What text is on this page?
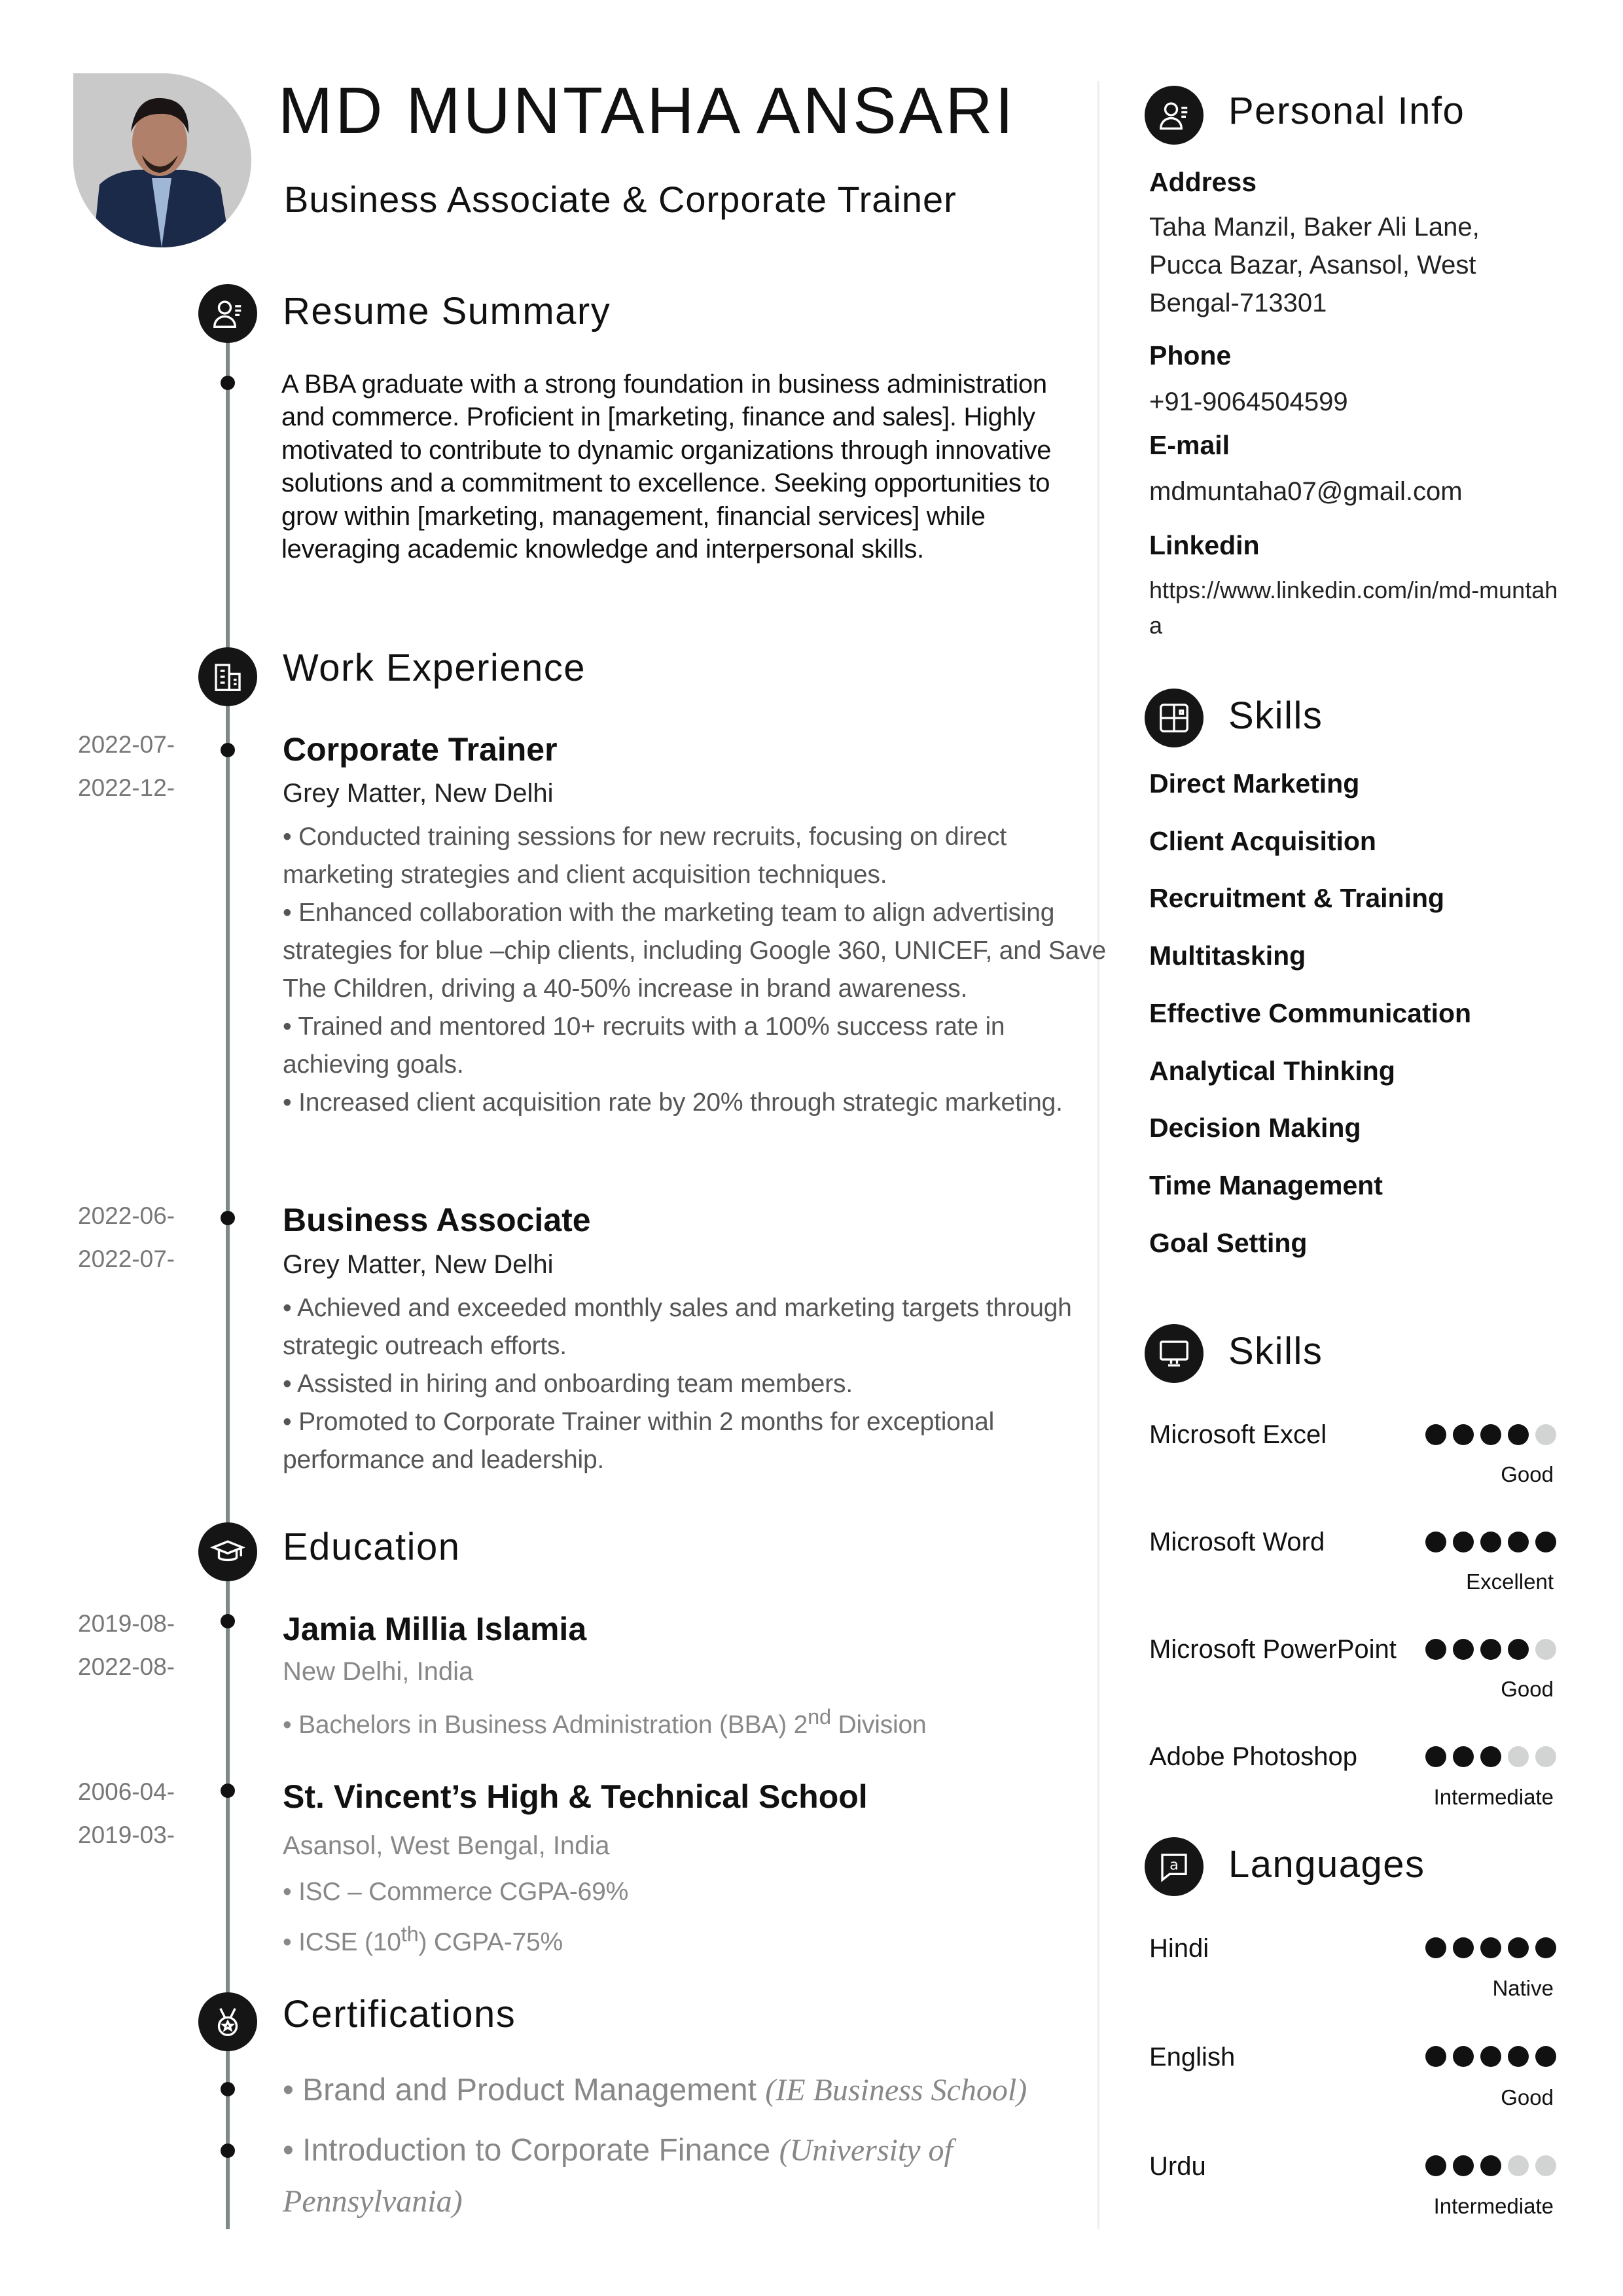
MD MUNTAHA ANSARI
Business Associate & Corporate Trainer
Resume Summary
A BBA graduate with a strong foundation in business administration and commerce. Proficient in [marketing, finance and sales]. Highly motivated to contribute to dynamic organizations through innovative solutions and a commitment to excellence. Seeking opportunities to grow within [marketing, management, financial services] while leveraging academic knowledge and interpersonal skills.
Work Experience
2022-07-
2022-12-
Corporate Trainer
Grey Matter, New Delhi
• Conducted training sessions for new recruits, focusing on direct marketing strategies and client acquisition techniques.
• Enhanced collaboration with the marketing team to align advertising strategies for blue –chip clients, including Google 360, UNICEF, and Save The Children, driving a 40-50% increase in brand awareness.
• Trained and mentored 10+ recruits with a 100% success rate in achieving goals.
• Increased client acquisition rate by 20% through strategic marketing.
2022-06-
2022-07-
Business Associate
Grey Matter, New Delhi
• Achieved and exceeded monthly sales and marketing targets through strategic outreach efforts.
• Assisted in hiring and onboarding team members.
• Promoted to Corporate Trainer within 2 months for exceptional performance and leadership.
Education
2019-08-
2022-08-
Jamia Millia Islamia
New Delhi, India
• Bachelors in Business Administration (BBA) 2nd Division
2006-04-
2019-03-
St. Vincent’s High & Technical School
Asansol, West Bengal, India
• ISC – Commerce CGPA-69%
• ICSE (10th) CGPA-75%
Certifications
• Brand and Product Management (IE Business School)
• Introduction to Corporate Finance (University of Pennsylvania)
Personal Info
Address
Taha Manzil, Baker Ali Lane,
Pucca Bazar, Asansol, West
Bengal-713301
Phone
+91-9064504599
E-mail
mdmuntaha07@gmail.com
Linkedin
https://www.linkedin.com/in/md-muntaha
Skills
Direct Marketing
Client Acquisition
Recruitment & Training
Multitasking
Effective Communication
Analytical Thinking
Decision Making
Time Management
Goal Setting
Skills
Microsoft Excel
Good
Microsoft Word
Excellent
Microsoft PowerPoint
Good
Adobe Photoshop
Intermediate
a Languages
Hindi
Native
English
Good
Urdu
Intermediate
